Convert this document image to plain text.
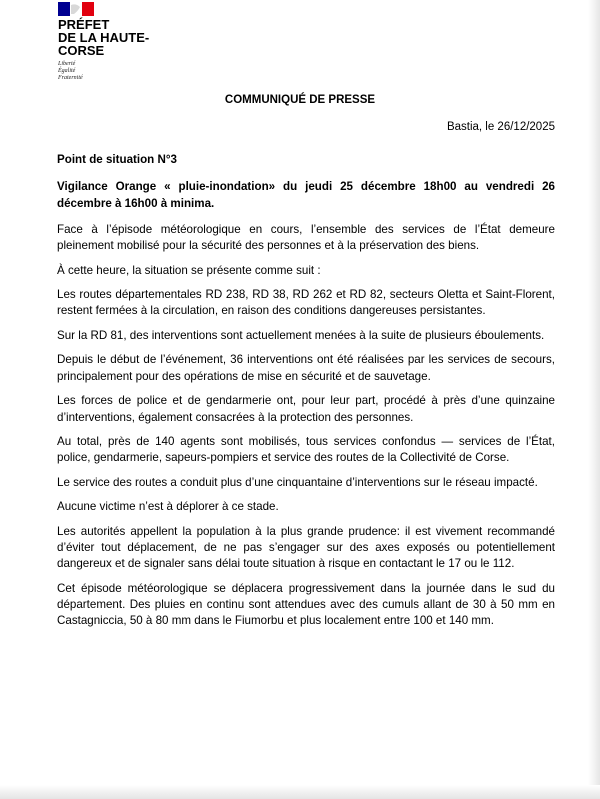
PRÉFET
DE LA HAUTE-
CORSE
Liberté
Égalité
Fraternité
COMMUNIQUÉ DE PRESSE
Bastia, le 26/12/2025

Point de situation N°3

Vigilance Orange « pluie-inondation» du jeudi 25 décembre 18h00 au vendredi 26 décembre à 16h00 à minima.

Face à l’épisode météorologique en cours, l’ensemble des services de l’État demeure pleinement mobilisé pour la sécurité des personnes et à la préservation des biens.

À cette heure, la situation se présente comme suit :

Les routes départementales RD 238, RD 38, RD 262 et RD 82, secteurs Oletta et Saint-Florent, restent fermées à la circulation, en raison des conditions dangereuses persistantes.

Sur la RD 81, des interventions sont actuellement menées à la suite de plusieurs éboulements.

Depuis le début de l’événement, 36 interventions ont été réalisées par les services de secours, principalement pour des opérations de mise en sécurité et de sauvetage.

Les forces de police et de gendarmerie ont, pour leur part, procédé à près d’une quinzaine d’interventions, également consacrées à la protection des personnes.

Au total, près de 140 agents sont mobilisés, tous services confondus — services de l’État, police, gendarmerie, sapeurs-pompiers et service des routes de la Collectivité de Corse.

Le service des routes a conduit plus d’une cinquantaine d’interventions sur le réseau impacté.

Aucune victime n’est à déplorer à ce stade.

Les autorités appellent la population à la plus grande prudence: il est vivement recommandé d’éviter tout déplacement, de ne pas s’engager sur des axes exposés ou potentiellement dangereux et de signaler sans délai toute situation à risque en contactant le 17 ou le 112.

Cet épisode météorologique se déplacera progressivement dans la journée dans le sud du département. Des pluies en continu sont attendues avec des cumuls allant de 30 à 50 mm en Castagniccia, 50 à 80 mm dans le Fiumorbu et plus localement entre 100 et 140 mm.
